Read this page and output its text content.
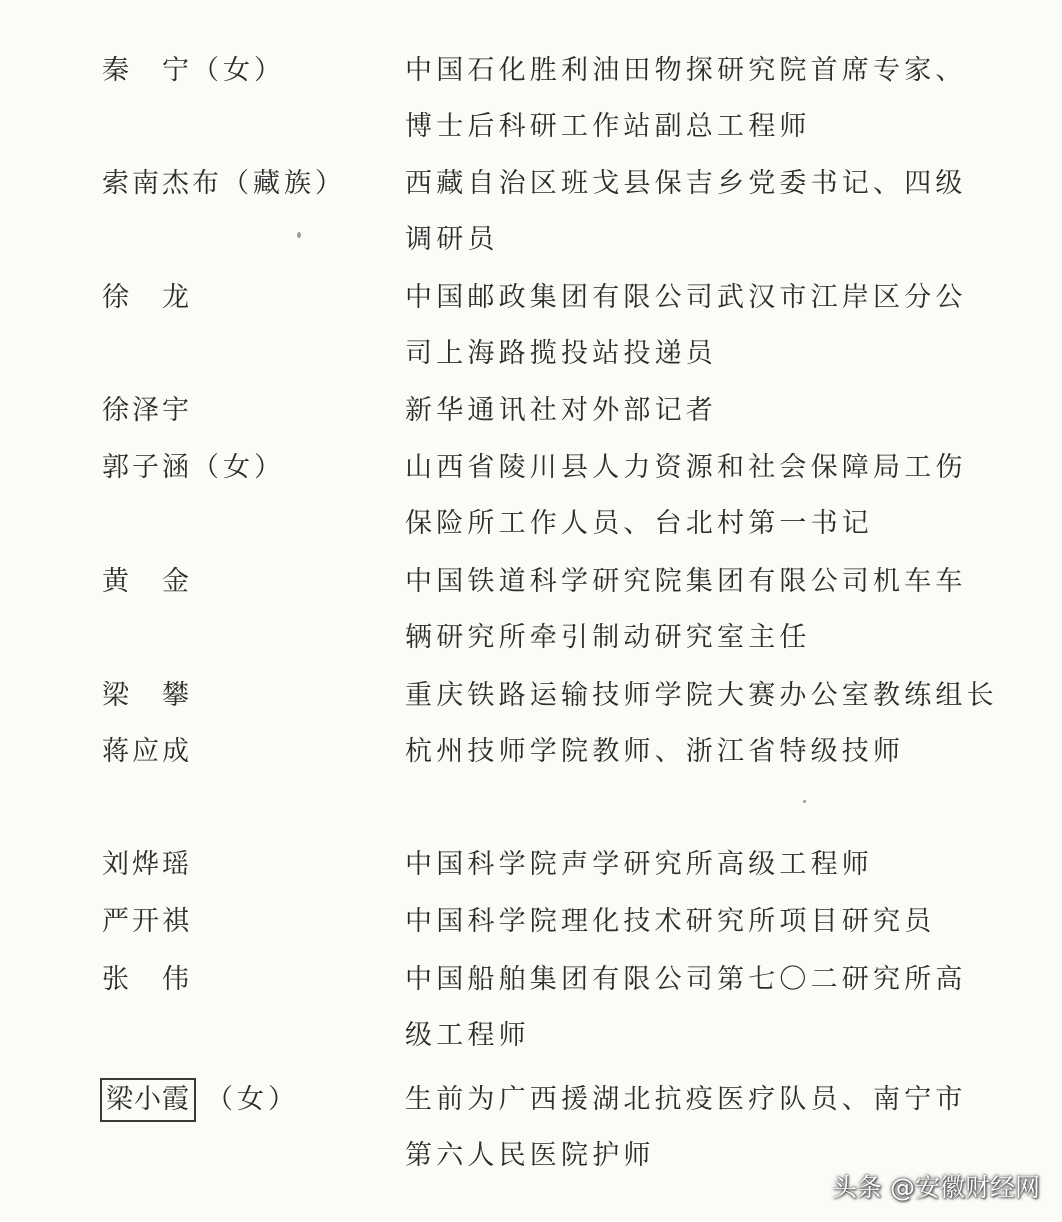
秦　宁（女）	中国石化胜利油田物探研究院首席专家、
博士后科研工作站副总工程师
索南杰布（藏族） 西藏自治区班戈县保吉乡党委书记、四级
调研员
徐　龙	中国邮政集团有限公司武汉市江岸区分公
司上海路揽投站投递员
徐泽宇	新华通讯社对外部记者
郭子涵（女）	山西省陵川县人力资源和社会保障局工伤
保险所工作人员、台北村第一书记
黄　金	中国铁道科学研究院集团有限公司机车车
辆研究所牵引制动研究室主任
梁　攀	重庆铁路运输技师学院大赛办公室教练组长
蒋应成	杭州技师学院教师、浙江省特级技师
刘烨瑶	中国科学院声学研究所高级工程师
严开祺	中国科学院理化技术研究所项目研究员
张　伟	中国船舶集团有限公司第七〇二研究所高
级工程师
梁小霞 （女）	生前为广西援湖北抗疫医疗队员、南宁市
第六人民医院护师
头条 @安徽财经网
